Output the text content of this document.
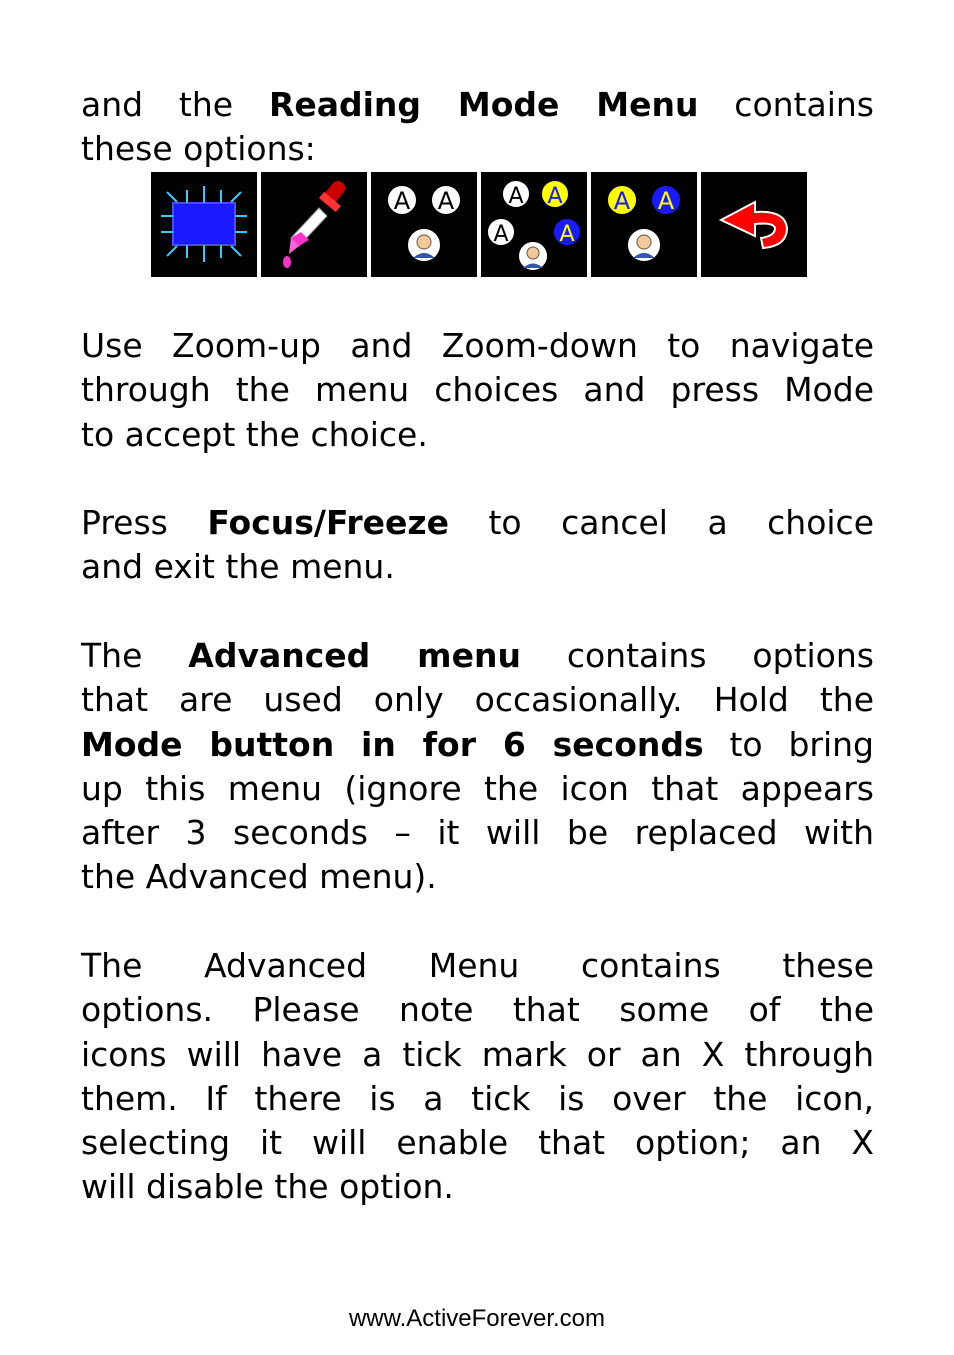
and the Reading Mode Menu contains
these options:
A A A A
A A
A A
Use Zoom-up and Zoom-down to navigate
through the menu choices and press Mode
to accept the choice.
Press Focus/Freeze to cancel a choice
and exit the menu.
The Advanced menu contains options
that are used only occasionally. Hold the
Mode button in for 6 seconds to bring
up this menu (ignore the icon that appears
after 3 seconds – it will be replaced with
the Advanced menu).
The Advanced Menu contains these
options. Please note that some of the
icons will have a tick mark or an X through
them. If there is a tick is over the icon,
selecting it will enable that option; an X
will disable the option.
www.ActiveForever.com
